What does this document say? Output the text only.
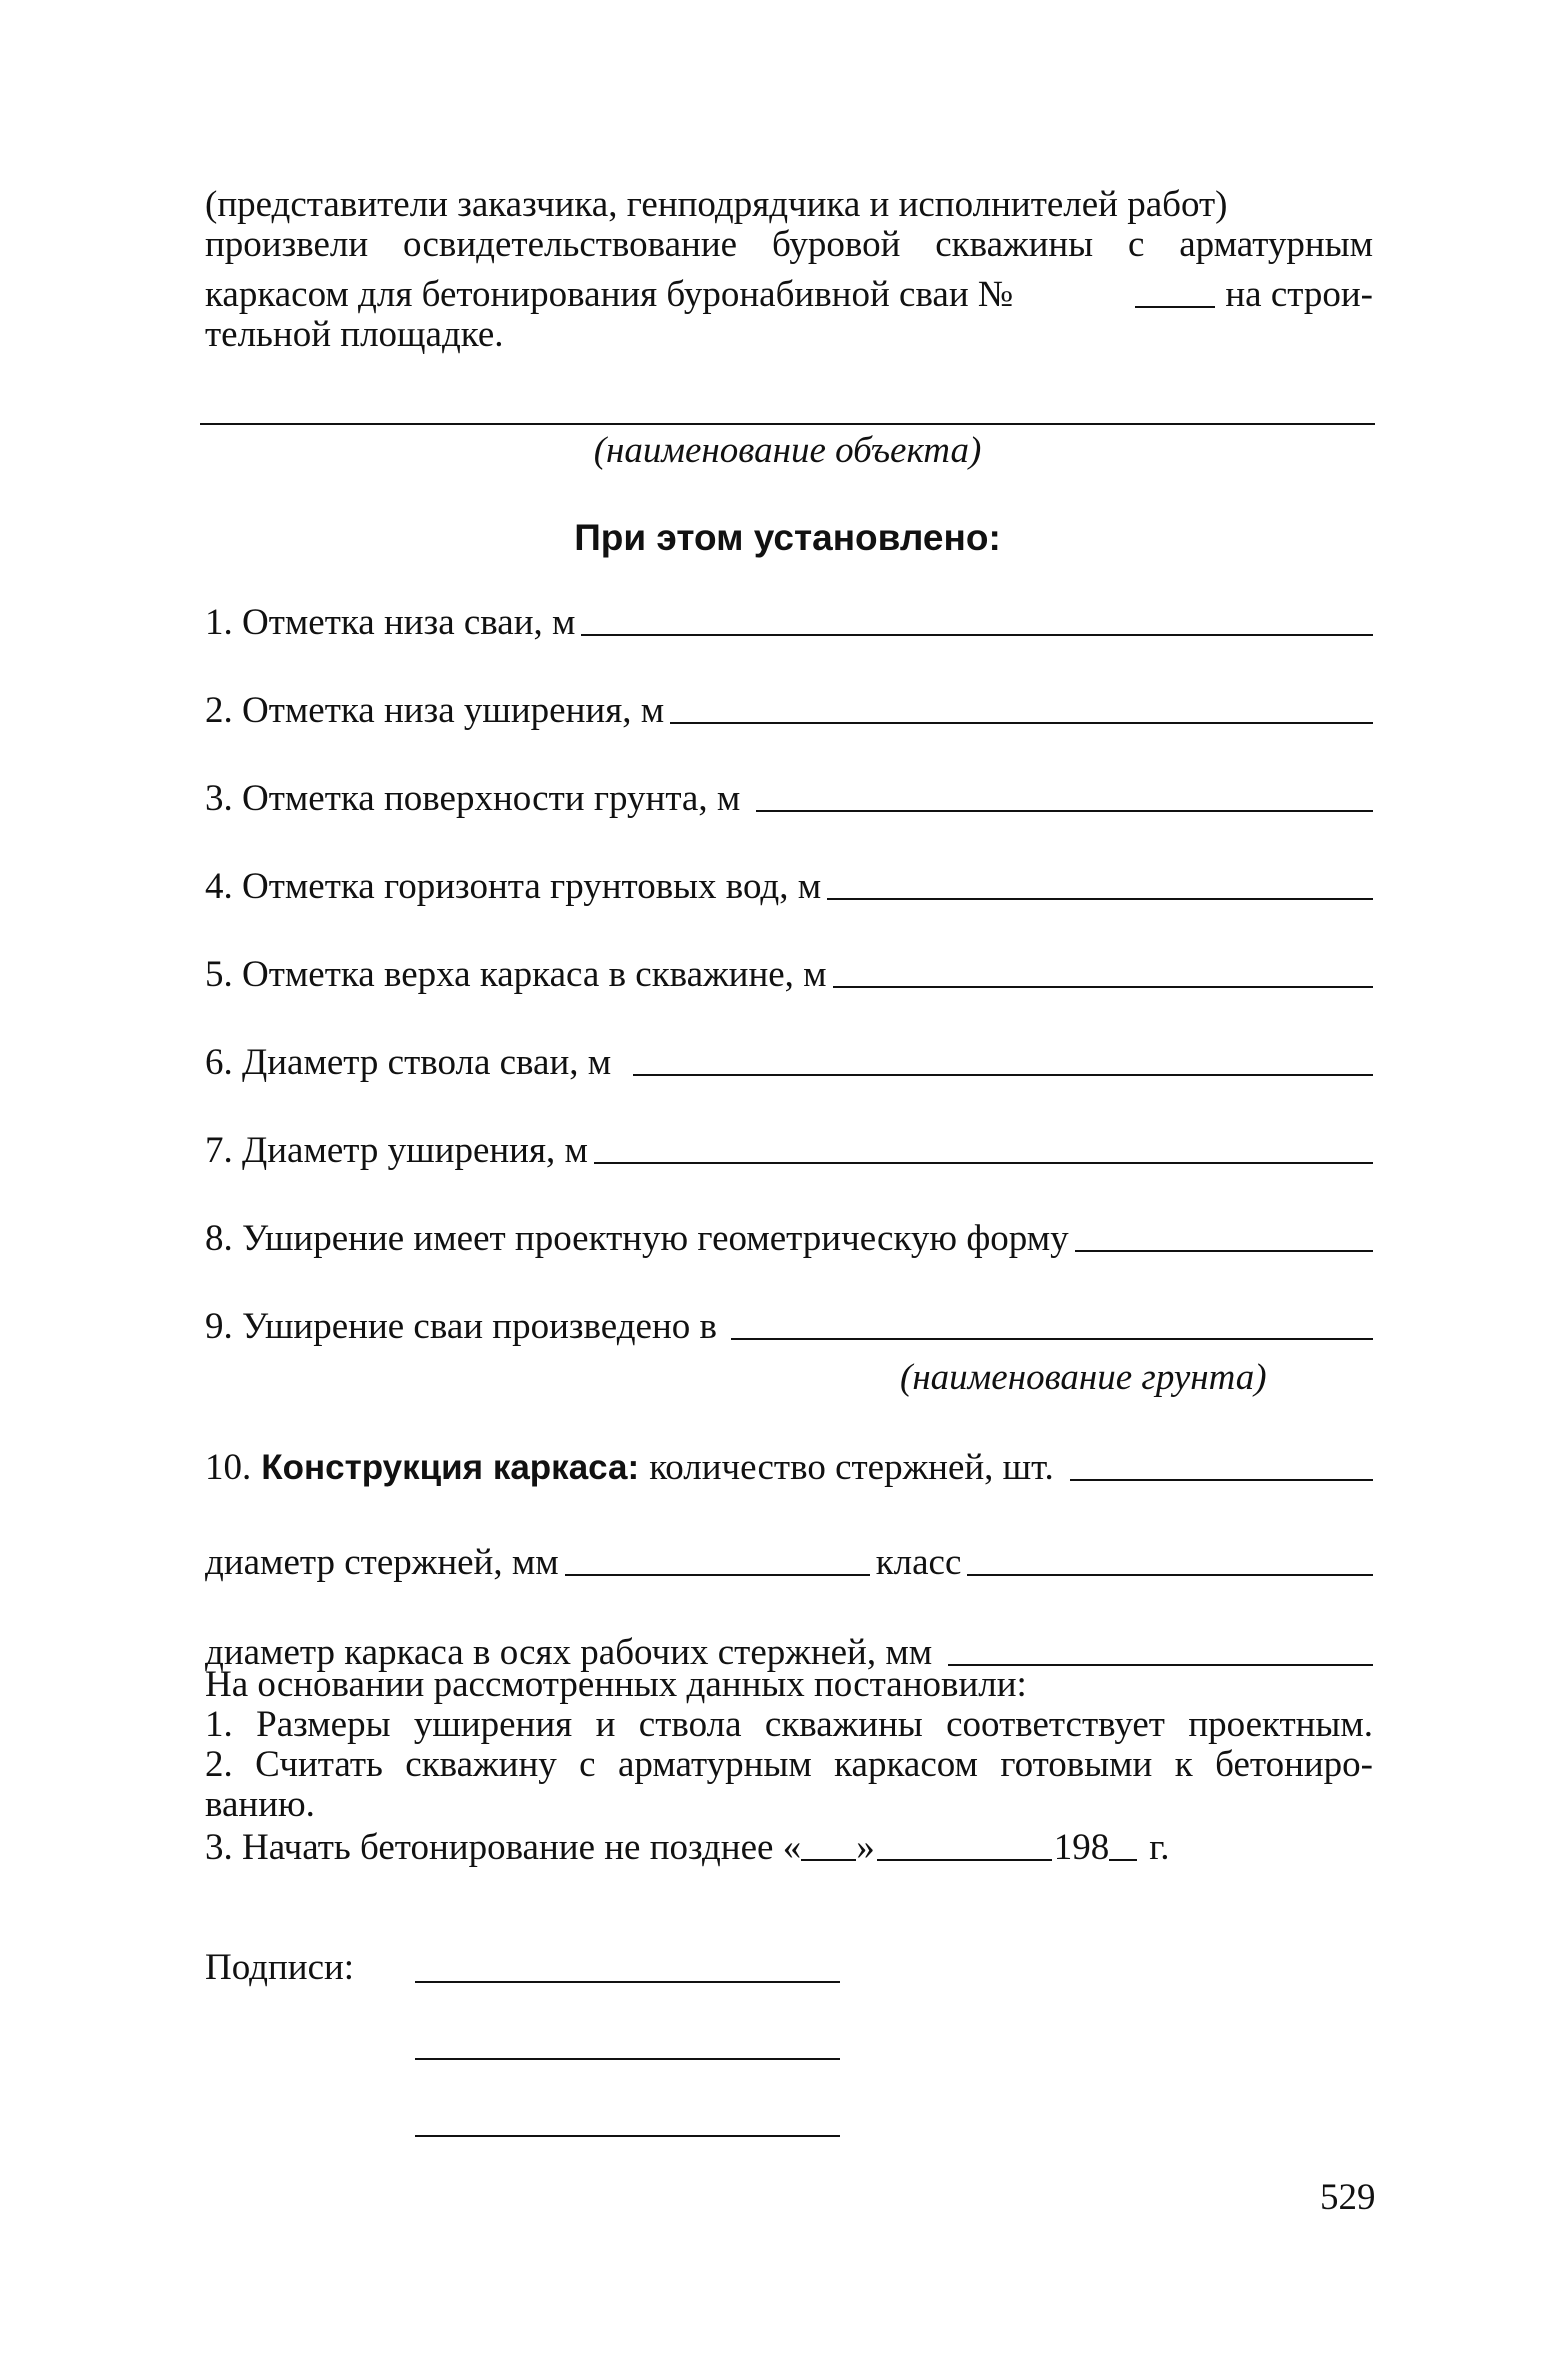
(представители заказчика, генподрядчика и исполнителей работ)
произвели освидетельствование буровой скважины с арматурным
каркасом для бетонирования буронабивной сваи №	на строи-
тельной площадке.
(наименование объекта)
При этом установлено:
1. Отметка низа сваи, м
2. Отметка низа уширения, м
3. Отметка поверхности грунта, м
4. Отметка горизонта грунтовых вод, м
5. Отметка верха каркаса в скважине, м
6. Диаметр ствола сваи, м
7. Диаметр уширения, м
8. Уширение имеет проектную геометрическую форму
9. Уширение сваи произведено в
(наименование грунта)
10. Конструкция каркаса: количество стержней, шт.
диаметр стержней, мм	класс
диаметр каркаса в осях рабочих стержней, мм
На основании рассмотренных данных постановили:
1. Размеры уширения и ствола скважины соответствует проектным.
2. Считать скважину с арматурным каркасом готовыми к бетониро-
ванию.
3. Начать бетонирование не позднее « »	198 г.
Подписи:
529
